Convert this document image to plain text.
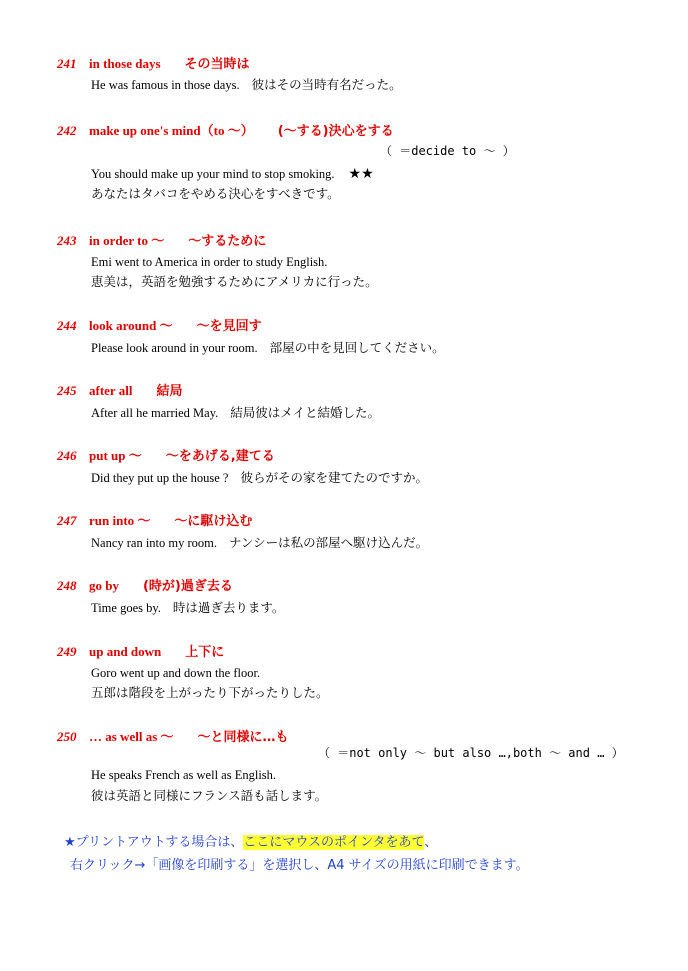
241 in those days その当時は
He was famous in those days. 彼はその当時有名だった。
242 make up one's mind（to ～） (～する)決心をする
（ ＝decide to ～ ）
You should make up your mind to stop smoking. ★★
あなたはタバコをやめる決心をすべきです。
243 in order to ～ ～するために
Emi went to America in order to study English.
恵美は，英語を勉強するためにアメリカに行った。
244 look around ～ ～を見回す
Please look around in your room. 部屋の中を見回してください。
245 after all 結局
After all he married May. 結局彼はメイと結婚した。
246 put up ～ ～をあげる,建てる
Did they put up the house ? 彼らがその家を建てたのですか。
247 run into ～ ～に駆け込む
Nancy ran into my room. ナンシーは私の部屋へ駆け込んだ。
248 go by (時が)過ぎ去る
Time goes by. 時は過ぎ去ります。
249 up and down 上下に
Goro went up and down the floor.
五郎は階段を上がったり下がったりした。
250 … as well as ～ ～と同様に…も
（ ＝not only ～ but also …,both ～ and … ）
He speaks French as well as English.
彼は英語と同様にフランス語も話します。
★プリントアウトする場合は、ここにマウスのポインタをあて、
右クリック→「画像を印刷する」を選択し、A4 サイズの用紙に印刷できます。
